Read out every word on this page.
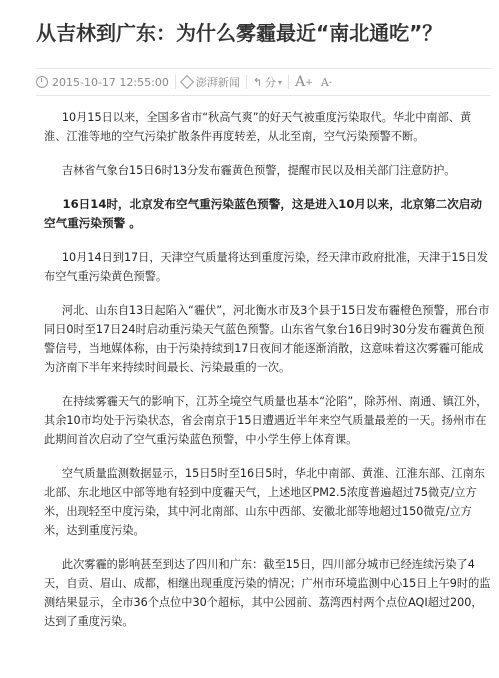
从吉林到广东：为什么雾霾最近“南北通吃”？
2015-10-17 12:55:00 澎湃新闻 ↰ 分 ▾ A + A -

10月15日以来，全国多省市“秋高气爽”的好天气被重度污染取代。华北中南部、黄淮、江淮等地的空气污染扩散条件再度转差，从北至南，空气污染预警不断。

吉林省气象台15日6时13分发布霾黄色预警，提醒市民以及相关部门注意防护。

16日14时，北京发布空气重污染蓝色预警，这是进入10月以来，北京第二次启动空气重污染预警 。

10月14日到17日，天津空气质量将达到重度污染，经天津市政府批准，天津于15日发布空气重污染黄色预警。

河北、山东自13日起陷入“霾伏”，河北衡水市及3个县于15日发布霾橙色预警，邢台市同日0时至17日24时启动重污染天气蓝色预警。山东省气象台16日9时30分发布霾黄色预警信号，当地媒体称，由于污染持续到17日夜间才能逐渐消散，这意味着这次雾霾可能成为济南下半年来持续时间最长、污染最重的一次。

在持续雾霾天气的影响下，江苏全境空气质量也基本“沦陷”，除苏州、南通、镇江外，其余10市均处于污染状态，省会南京于15日遭遇近半年来空气质量最差的一天。扬州市在此期间首次启动了空气重污染蓝色预警，中小学生停上体育课。

空气质量监测数据显示，15日5时至16日5时，华北中南部、黄淮、江淮东部、江南东北部、东北地区中部等地有轻到中度霾天气，上述地区PM2.5浓度普遍超过75微克/立方米，出现轻至中度污染，其中河北南部、山东中西部、安徽北部等地超过150微克/立方米，达到重度污染。

此次雾霾的影响甚至到达了四川和广东：截至15日，四川部分城市已经连续污染了4天，自贡、眉山、成都，相继出现重度污染的情况；广州市环境监测中心15日上午9时的监测结果显示，全市36个点位中30个超标，其中公园前、荔湾西村两个点位AQI超过200，达到了重度污染。
